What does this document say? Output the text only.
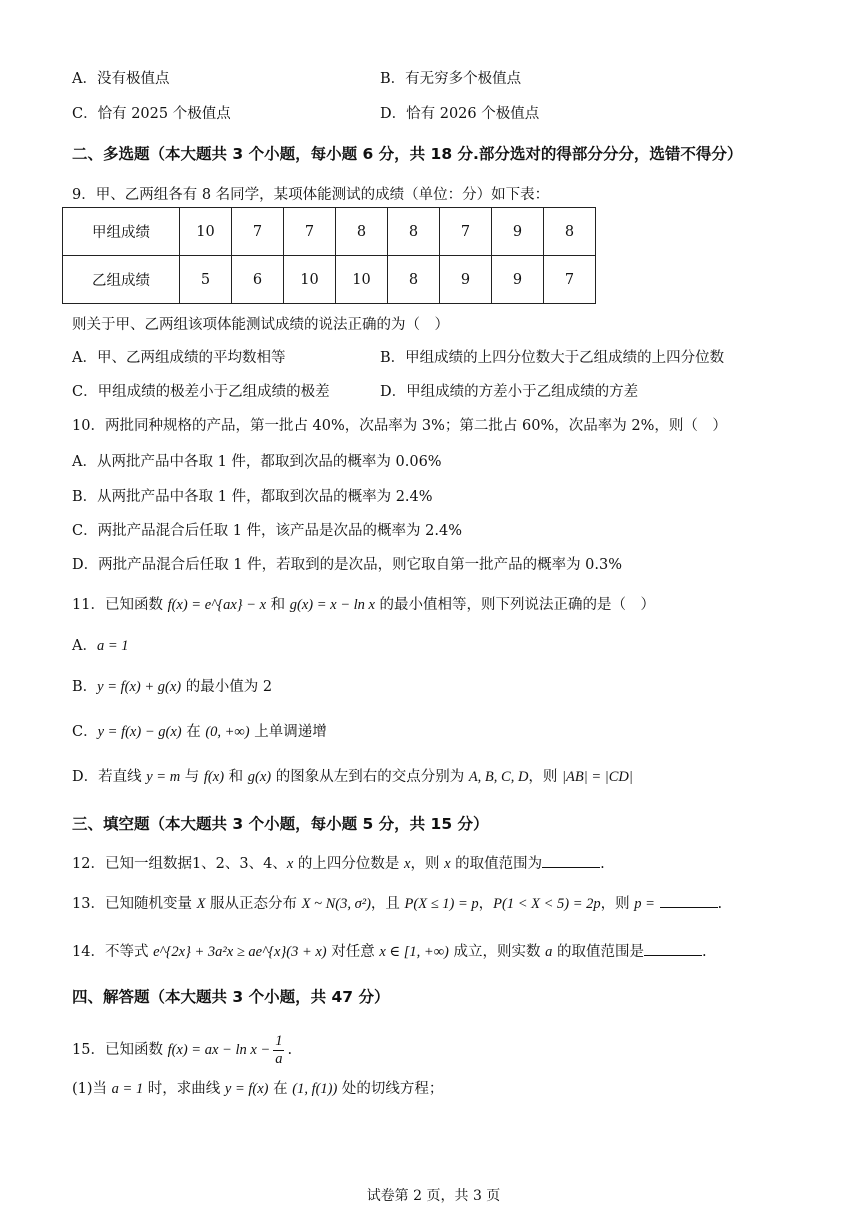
A．没有极值点	B．有无穷多个极值点
C．恰有 2025 个极值点	D．恰有 2026 个极值点
二、多选题（本大题共 3 个小题，每小题 6 分，共 18 分.部分选对的得部分分分，选错不得分）
9．甲、乙两组各有 8 名同学，某项体能测试的成绩（单位：分）如下表：
甲组成绩	10	7	7	8	8	7	9	8
乙组成绩	5	6	10	10	8	9	9	7
则关于甲、乙两组该项体能测试成绩的说法正确的为（　）
A．甲、乙两组成绩的平均数相等	B．甲组成绩的上四分位数大于乙组成绩的上四分位数
C．甲组成绩的极差小于乙组成绩的极差	D．甲组成绩的方差小于乙组成绩的方差
10．两批同种规格的产品，第一批占 40%，次品率为 3%；第二批占 60%，次品率为 2%，则（　）
A．从两批产品中各取 1 件，都取到次品的概率为 0.06%
B．从两批产品中各取 1 件，都取到次品的概率为 2.4%
C．两批产品混合后任取 1 件，该产品是次品的概率为 2.4%
D．两批产品混合后任取 1 件，若取到的是次品，则它取自第一批产品的概率为 0.3%
11．已知函数 f(x) = e^{ax} − x 和 g(x) = x − ln x 的最小值相等，则下列说法正确的是（　）
A．a = 1
B．y = f(x) + g(x) 的最小值为 2
C．y = f(x) − g(x) 在 (0, +∞) 上单调递增
D．若直线 y = m 与 f(x) 和 g(x) 的图象从左到右的交点分别为 A, B, C, D，则 |AB| = |CD|
三、填空题（本大题共 3 个小题，每小题 5 分，共 15 分）
12．已知一组数据1、2、3、4、x 的上四分位数是 x，则 x 的取值范围为	.
13．已知随机变量 X 服从正态分布 X ~ N(3, σ²)，且 P(X ≤ 1) = p，P(1 < X < 5) = 2p，则 p =	.
14．不等式 e^{2x} + 3a²x ≥ ae^{x}(3 + x) 对任意 x ∈ [1, +∞) 成立，则实数 a 的取值范围是	.
四、解答题（本大题共 3 个小题，共 47 分）
15．已知函数 f(x) = ax − $\ln x - \frac{1}{a}$ .
(1)当 a = 1 时，求曲线 y = f(x) 在 (1, f(1)) 处的切线方程；
试卷第 2 页，共 3 页
